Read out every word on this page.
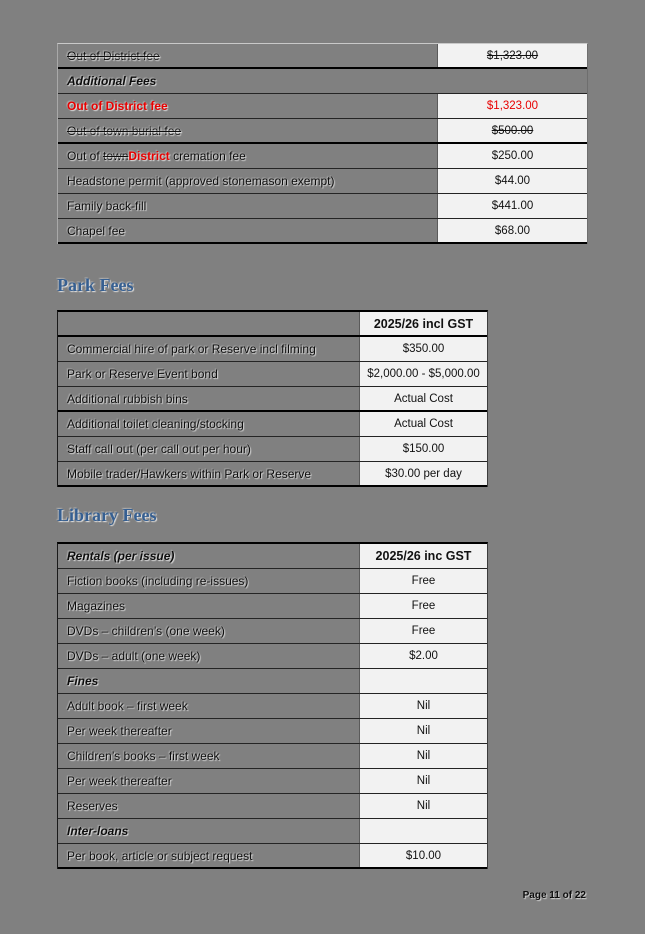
Out of District fee	$1,323.00
Additional Fees
Out of District fee	$1,323.00
Out of town burial fee	$500.00
Out of town District cremation fee	$250.00
Headstone permit (approved stonemason exempt)	$44.00
Family back-fill	$441.00
Chapel fee	$68.00
Park Fees
2025/26 incl GST
Commercial hire of park or Reserve incl filming	$350.00
Park or Reserve Event bond	$2,000.00 - $5,000.00
Additional rubbish bins	Actual Cost
Additional toilet cleaning/stocking	Actual Cost
Staff call out (per call out per hour)	$150.00
Mobile trader/Hawkers within Park or Reserve	$30.00 per day
Library Fees
Rentals (per issue)	2025/26 inc GST
Fiction books (including re-issues)	Free
Magazines	Free
DVDs – children’s (one week)	Free
DVDs – adult (one week)	$2.00
Fines
Adult book – first week	Nil
Per week thereafter	Nil
Children’s books – first week	Nil
Per week thereafter	Nil
Reserves	Nil
Inter-loans
Per book, article or subject request	$10.00
Page 11 of 22
